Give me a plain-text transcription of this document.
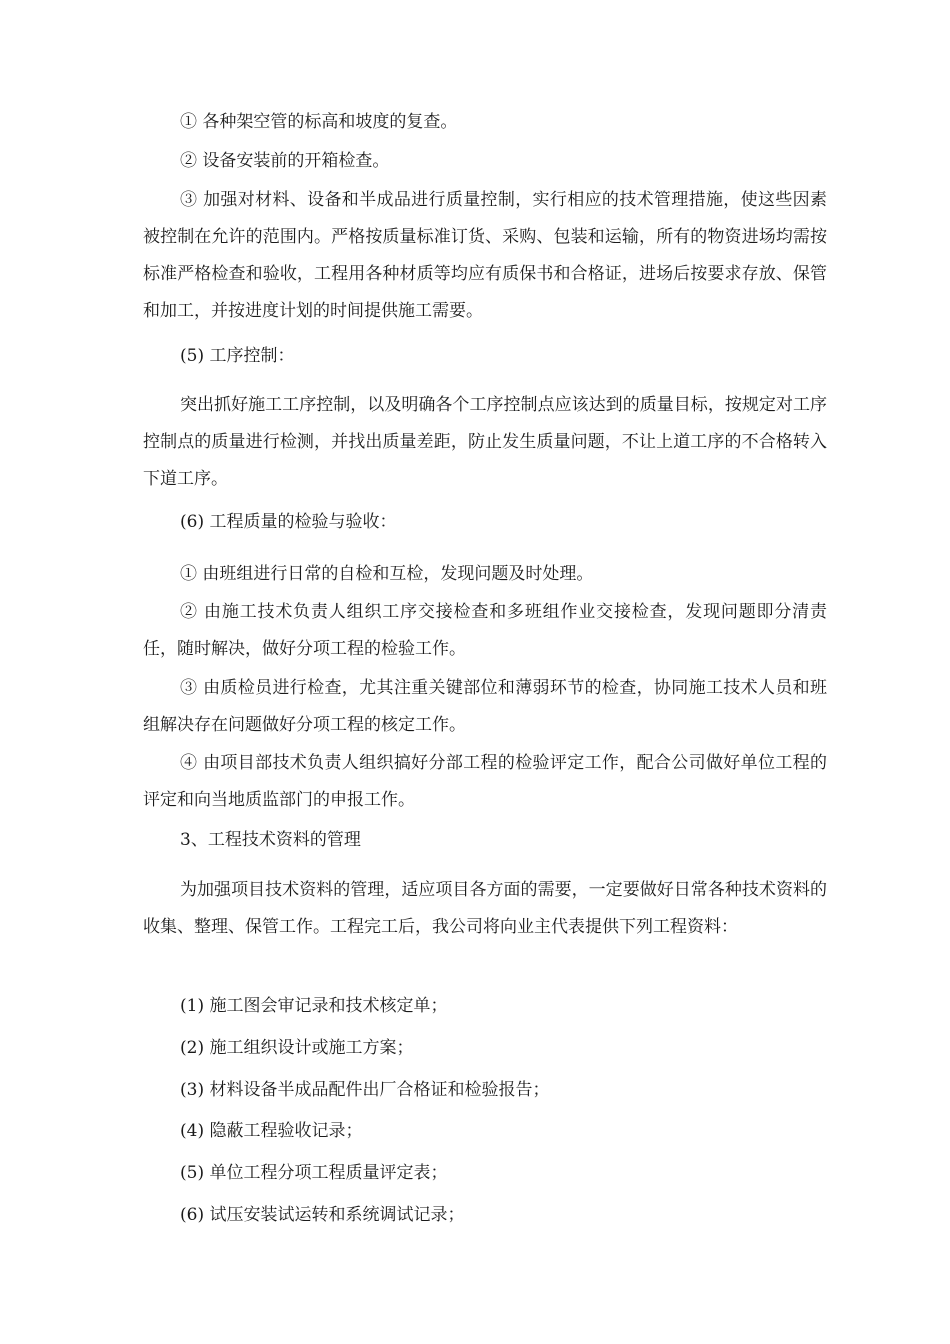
① 各种架空管的标高和坡度的复查。

② 设备安装前的开箱检查。

③ 加强对材料、设备和半成品进行质量控制，实行相应的技术管理措施，使这些因素被控制在允许的范围内。严格按质量标准订货、采购、包装和运输，所有的物资进场均需按标准严格检查和验收，工程用各种材质等均应有质保书和合格证，进场后按要求存放、保管和加工，并按进度计划的时间提供施工需要。

(5) 工序控制：

突出抓好施工工序控制，以及明确各个工序控制点应该达到的质量目标，按规定对工序控制点的质量进行检测，并找出质量差距，防止发生质量问题，不让上道工序的不合格转入下道工序。

(6) 工程质量的检验与验收：

① 由班组进行日常的自检和互检，发现问题及时处理。

② 由施工技术负责人组织工序交接检查和多班组作业交接检查，发现问题即分清责任，随时解决，做好分项工程的检验工作。

③ 由质检员进行检查，尤其注重关键部位和薄弱环节的检查，协同施工技术人员和班组解决存在问题做好分项工程的核定工作。

④ 由项目部技术负责人组织搞好分部工程的检验评定工作，配合公司做好单位工程的评定和向当地质监部门的申报工作。

3、工程技术资料的管理

为加强项目技术资料的管理，适应项目各方面的需要，一定要做好日常各种技术资料的收集、整理、保管工作。工程完工后，我公司将向业主代表提供下列工程资料：

(1) 施工图会审记录和技术核定单；

(2) 施工组织设计或施工方案；

(3) 材料设备半成品配件出厂合格证和检验报告；

(4) 隐蔽工程验收记录；

(5) 单位工程分项工程质量评定表；

(6) 试压安装试运转和系统调试记录；
